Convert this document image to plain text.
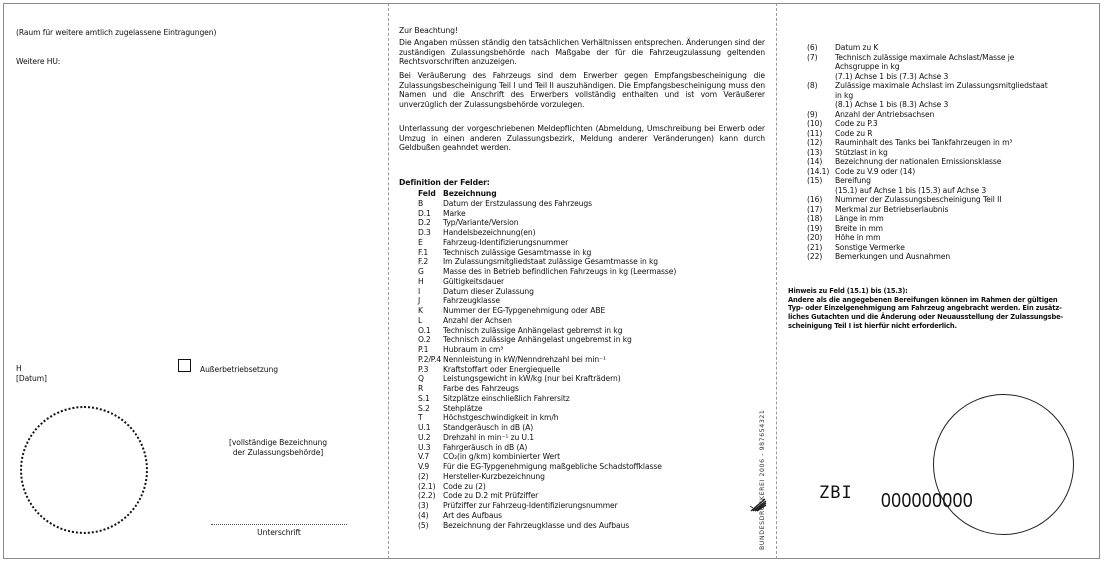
(Raum für weitere amtlich zugelassene Eintragungen)
Weitere HU:
H
[Datum]
Außerbetriebsetzung
[vollständige Bezeichnung
der Zulassungsbehörde]
Unterschrift
Zur Beachtung!
Die Angaben müssen ständig den tatsächlichen Verhältnissen entsprechen. Änderungen sind der zuständigen Zulassungsbehörde nach Maßgabe der für die Fahrzeugzulassung geltenden Rechtsvorschriften anzuzeigen.
Bei Veräußerung des Fahrzeugs sind dem Erwerber gegen Empfangsbescheinigung die Zulassungsbescheinigung Teil I und Teil II auszuhändigen. Die Empfangsbescheinigung muss den Namen und die Anschrift des Erwerbers vollständig enthalten und ist vom Veräußerer unverzüglich der Zulassungsbehörde vorzulegen.
Unterlassung der vorgeschriebenen Meldepflichten (Abmeldung, Umschreibung bei Erwerb oder Umzug in einen anderen Zulassungsbezirk, Meldung anderer Veränderungen) kann durch Geldbußen geahndet werden.
Definition der Felder:
Feld Bezeichnung
B	Datum der Erstzulassung des Fahrzeugs
D.1	Marke
D.2	Typ/Variante/Version
D.3	Handelsbezeichnung(en)
E	Fahrzeug-Identifizierungsnummer
F.1	Technisch zulässige Gesamtmasse in kg
F.2	Im Zulassungsmitgliedstaat zulässige Gesamtmasse in kg
G	Masse des in Betrieb befindlichen Fahrzeugs in kg (Leermasse)
H	Gültigkeitsdauer
I	Datum dieser Zulassung
J	Fahrzeugklasse
K	Nummer der EG-Typgenehmigung oder ABE
L	Anzahl der Achsen
O.1	Technisch zulässige Anhängelast gebremst in kg
O.2	Technisch zulässige Anhängelast ungebremst in kg
P.1	Hubraum in cm³
P.2/P.4 Nennleistung in kW/Nenndrehzahl bei min⁻¹
P.3	Kraftstoffart oder Energiequelle
Q	Leistungsgewicht in kW/kg (nur bei Krafträdern)
R	Farbe des Fahrzeugs
S.1	Sitzplätze einschließlich Fahrersitz
S.2	Stehplätze
T	Höchstgeschwindigkeit in km/h
U.1	Standgeräusch in dB (A)
U.2	Drehzahl in min⁻¹ zu U.1
U.3	Fahrgeräusch in dB (A)
V.7	CO₂(in g/km) kombinierter Wert
V.9	Für die EG-Typgenehmigung maßgebliche Schadstoffklasse
(2)	Hersteller-Kurzbezeichnung
(2.1) Code zu (2)
(2.2) Code zu D.2 mit Prüfziffer
(3)	Prüfziffer zur Fahrzeug-Identifizierungsnummer
(4)	Art des Aufbaus
(5)	Bezeichnung der Fahrzeugklasse und des Aufbaus	BUNDESDRUCKEREI 2006 - 987654321
(6)	Datum zu K
(7)	Technisch zulässige maximale Achslast/Masse je
Achsgruppe in kg
(7.1) Achse 1 bis (7.3) Achse 3
(8)	Zulässige maximale Achslast im Zulassungsmitgliedstaat
in kg
(8.1) Achse 1 bis (8.3) Achse 3
(9)	Anzahl der Antriebsachsen
(10)	Code zu P.3
(11)	Code zu R
(12)	Rauminhalt des Tanks bei Tankfahrzeugen in m³
(13)	Stützlast in kg
(14)	Bezeichnung der nationalen Emissionsklasse
(14.1) Code zu V.9 oder (14)
(15)	Bereifung
(15.1) auf Achse 1 bis (15.3) auf Achse 3
(16)	Nummer der Zulassungsbescheinigung Teil II
(17)	Merkmal zur Betriebserlaubnis
(18)	Länge in mm
(19)	Breite in mm
(20)	Höhe in mm
(21)	Sonstige Vermerke
(22)	Bemerkungen und Ausnahmen
Hinweis zu Feld (15.1) bis (15.3):
Andere als die angegebenen Bereifungen können im Rahmen der gültigen
Typ- oder Einzelgenehmigung am Fahrzeug angebracht werden. Ein zusätz-
liches Gutachten und die Änderung oder Neuausstellung der Zulassungsbe-
scheinigung Teil I ist hierfür nicht erforderlich.
ZBI 000000000
